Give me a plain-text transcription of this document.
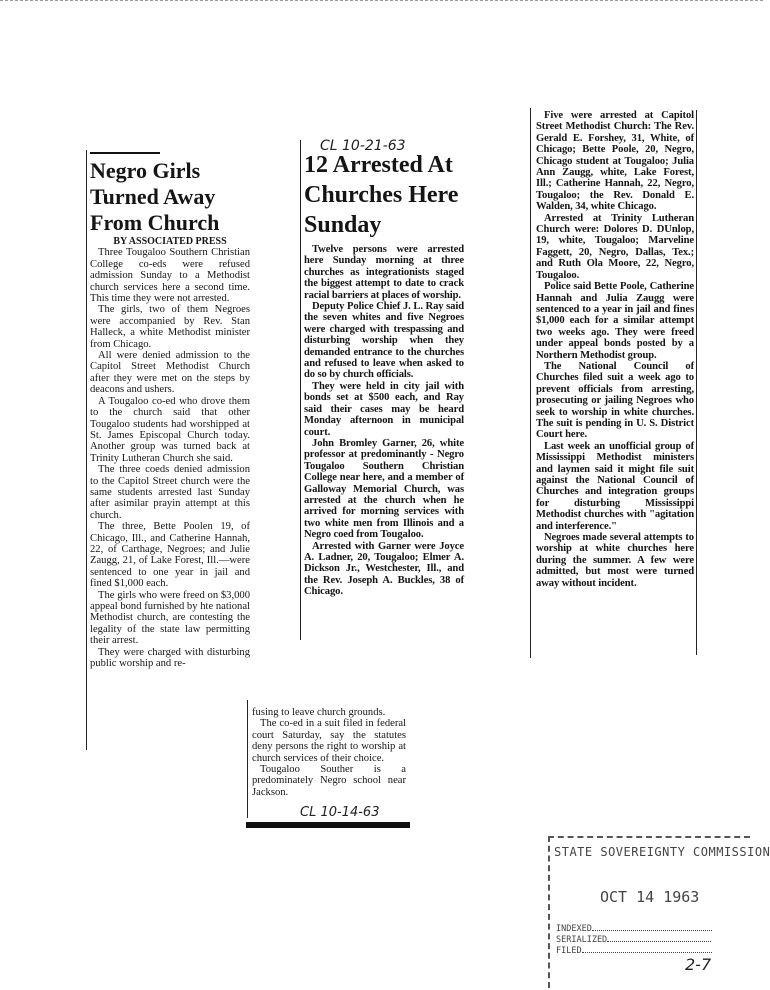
Negro Girls Turned Away From Church

BY ASSOCIATED PRESS

Three Tougaloo Southern Christian College co-eds were refused admission Sunday to a Methodist church services here a second time. This time they were not arrested.

The girls, two of them Negroes were accompanied by Rev. Stan Halleck, a white Methodist minister from Chicago.

All were denied admission to the Capitol Street Methodist Church after they were met on the steps by deacons and ushers.

A Tougaloo co-ed who drove them to the church said that other Tougaloo students had worshipped at St. James Episcopal Church today. Another group was turned back at Trinity Lutheran Church she said.

The three coeds denied admission to the Capitol Street church were the same students arrested last Sunday after asimilar prayin attempt at this church.

The three, Bette Poolen 19, of Chicago, Ill., and Catherine Hannah, 22, of Carthage, Negroes; and Julie Zaugg, 21, of Lake Forest, Ill.—were sentenced to one year in jail and fined $1,000 each.

The girls who were freed on $3,000 appeal bond furnished by hte national Methodist church, are contesting the legality of the state law permitting their arrest.

They were charged with disturbing public worship and re-

fusing to leave church grounds.

The co-ed in a suit filed in federal court Saturday, say the statutes deny persons the right to worship at church services of their choice.

Tougaloo Souther is a predominately Negro school near Jackson.

CL 10-14-63
CL 10-21-63
12 Arrested At Churches Here Sunday

Twelve persons were arrested here Sunday morning at three churches as integrationists staged the biggest attempt to date to crack racial barriers at places of worship.

Deputy Police Chief J. L. Ray said the seven whites and five Negroes were charged with trespassing and disturbing worship when they demanded entrance to the churches and refused to leave when asked to do so by church officials.

They were held in city jail with bonds set at $500 each, and Ray said their cases may be heard Monday afternoon in municipal court.

John Bromley Garner, 26, white professor at predominantly - Negro Tougaloo Southern Christian College near here, and a member of Galloway Memorial Church, was arrested at the church when he arrived for morning services with two white men from Illinois and a Negro coed from Tougaloo.

Arrested with Garner were Joyce A. Ladner, 20, Tougaloo; Elmer A. Dickson Jr., Westchester, Ill., and the Rev. Joseph A. Buckles, 38 of Chicago.

Five were arrested at Capitol Street Methodist Church: The Rev. Gerald E. Forshey, 31, White, of Chicago; Bette Poole, 20, Negro, Chicago student at Tougaloo; Julia Ann Zaugg, white, Lake Forest, Ill.; Catherine Hannah, 22, Negro, Tougaloo; the Rev. Donald E. Walden, 34, white Chicago.

Arrested at Trinity Lutheran Church were: Dolores D. DUnlop, 19, white, Tougaloo; Marveline Faggett, 20, Negro, Dallas, Tex.; and Ruth Ola Moore, 22, Negro, Tougaloo.

Police said Bette Poole, Catherine Hannah and Julia Zaugg were sentenced to a year in jail and fines $1,000 each for a similar attempt two weeks ago. They were freed under appeal bonds posted by a Northern Methodist group.

The National Council of Churches filed suit a week ago to prevent officials from arresting, prosecuting or jailing Negroes who seek to worship in white churches. The suit is pending in U. S. District Court here.

Last week an unofficial group of Mississippi Methodist ministers and laymen said it might file suit against the National Council of Churches and integration groups for disturbing Mississippi Methodist churches with "agitation and interference."

Negroes made several attempts to worship at white churches here during the summer. A few were admitted, but most were turned away without incident.

STATE SOVEREIGNTY COMMISSION
OCT 14 1963
INDEXED
SERIALIZED
FILED
2-7
